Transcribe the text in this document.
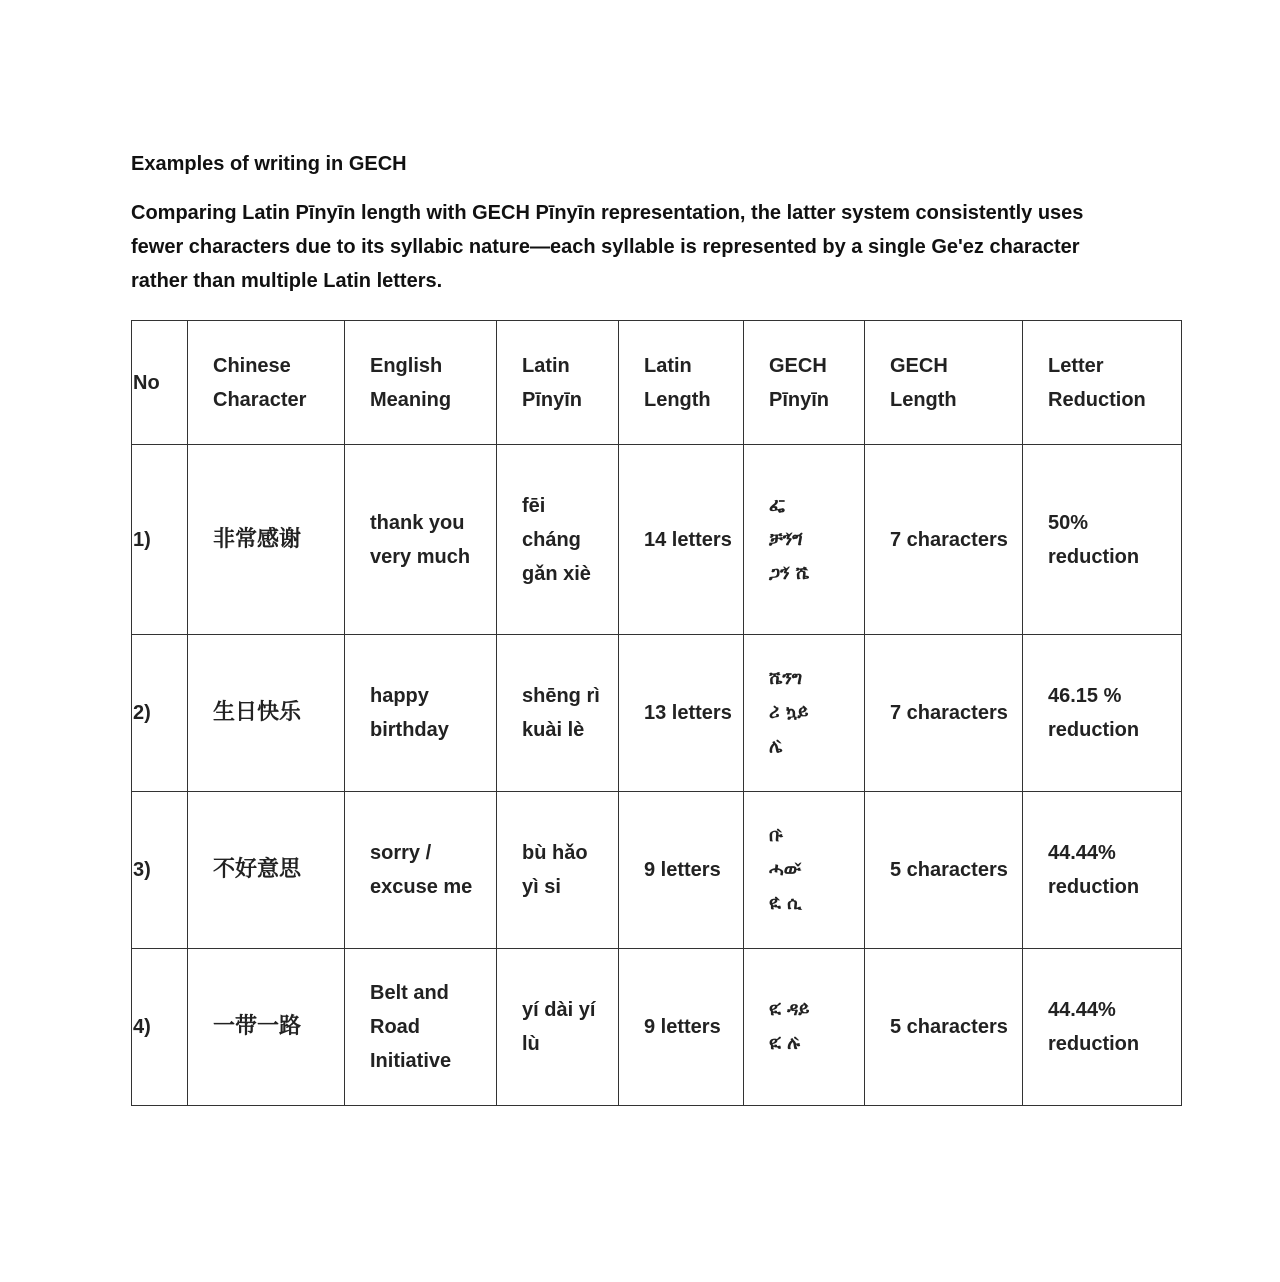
Examples of writing in GECH
Comparing Latin Pīnyīn length with GECH Pīnyīn representation, the latter system consistently uses fewer characters due to its syllabic nature—each syllable is represented by a single Ge'ez character rather than multiple Latin letters.
No	Chinese Character	English Meaning	Latin Pīnyīn	Latin Length	GECH Pīnyīn	GECH Length	Letter Reduction
1)	非常感谢	thank you very much	fēi cháng gǎn xiè	14 letters	ፌ̄
ቻን̌ግ́
ጋን̌ ሼ̀	7 characters	50% reduction
2)	生日快乐	happy birthday	shēng rì kuài lè	13 letters	ሼን̄ግ
ሪ̀ ኳይ̀
ሌ̀	7 characters	46.15 % reduction
3)	不好意思	sorry / excuse me	bù hǎo yì si	9 letters	ቡ̀
ሓው̌
ዪ̀ ሲ	5 characters	44.44% reduction
4)	一带一路	Belt and Road Initiative	yí dài yí lù	9 letters	ዪ́ ዳይ̀
ዪ́ ሉ̀	5 characters	44.44% reduction
